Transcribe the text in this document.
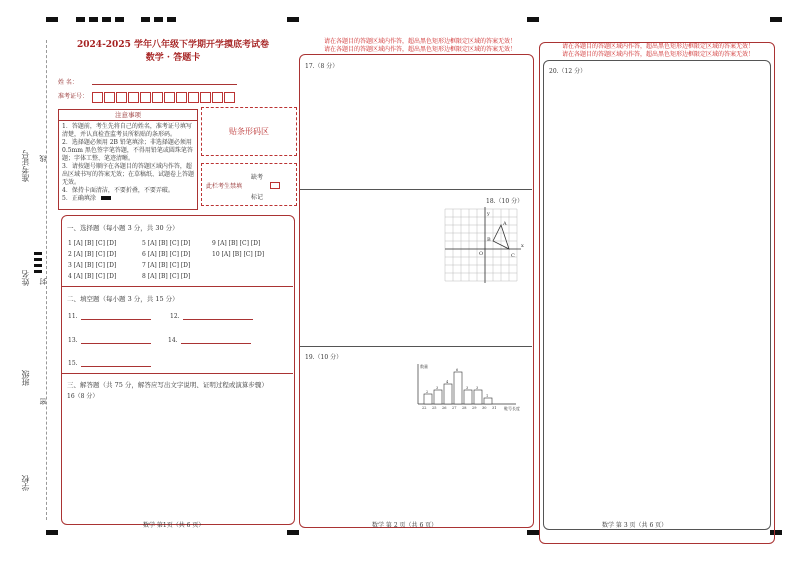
准考证号
姓名
班级
学校
线
封
密
2024-2025 学年八年级下学期开学摸底考试卷
数学 · 答题卡
姓 名：
准考证号：
注意事项
1．答题前，考生先将自己的姓名，准考证号填写清楚，并认真检查监考员所粘贴的条形码。
2．选择题必须用 2B 铅笔填涂；非选择题必须用 0.5mm 黑色签字笔答题，不得用铅笔或圆珠笔答题；字体工整、笔迹清晰。
3．请按题号顺序在各题目的答题区域内作答，超出区域书写的答案无效；在草稿纸、试题卷上答题无效。
4．保持卡面清洁，不要折叠，不要弄破。
5．正确填涂
贴条形码区
缺考
此栏考生禁填
标记
一、选择题（每小题 3 分，共 30 分）
1 [A] [B] [C] [D]	5 [A] [B] [C] [D]	9 [A] [B] [C] [D]
2 [A] [B] [C] [D]	6 [A] [B] [C] [D]	10 [A] [B] [C] [D]
3 [A] [B] [C] [D]	7 [A] [B] [C] [D]
4 [A] [B] [C] [D]	8 [A] [B] [C] [D]
二、填空题（每小题 3 分，共 15 分）
11.	12.
13.	14.
15.
三、解答题（共 75 分，解答应写出文字说明、证明过程或演算步骤）
16（8 分）
数学 第1页（共 6 页）
请在各题目的答题区域内作答，超出黑色矩形边框限定区域的答案无效！
请在各题目的答题区域内作答，超出黑色矩形边框限定区域的答案无效！
17.（8 分）
18.（10 分）
19.（10 分）
y
x
O
A
B
C
数量
鞋号长度
22 25 26 27 28 29 30 31
2
3
4
6
3 3
1
数学 第 2 页（共 6 页）
请在各题目的答题区域内作答，超出黑色矩形边框限定区域的答案无效！
请在各题目的答题区域内作答，超出黑色矩形边框限定区域的答案无效！
20.（12 分）
数学 第 3 页（共 6 页）
